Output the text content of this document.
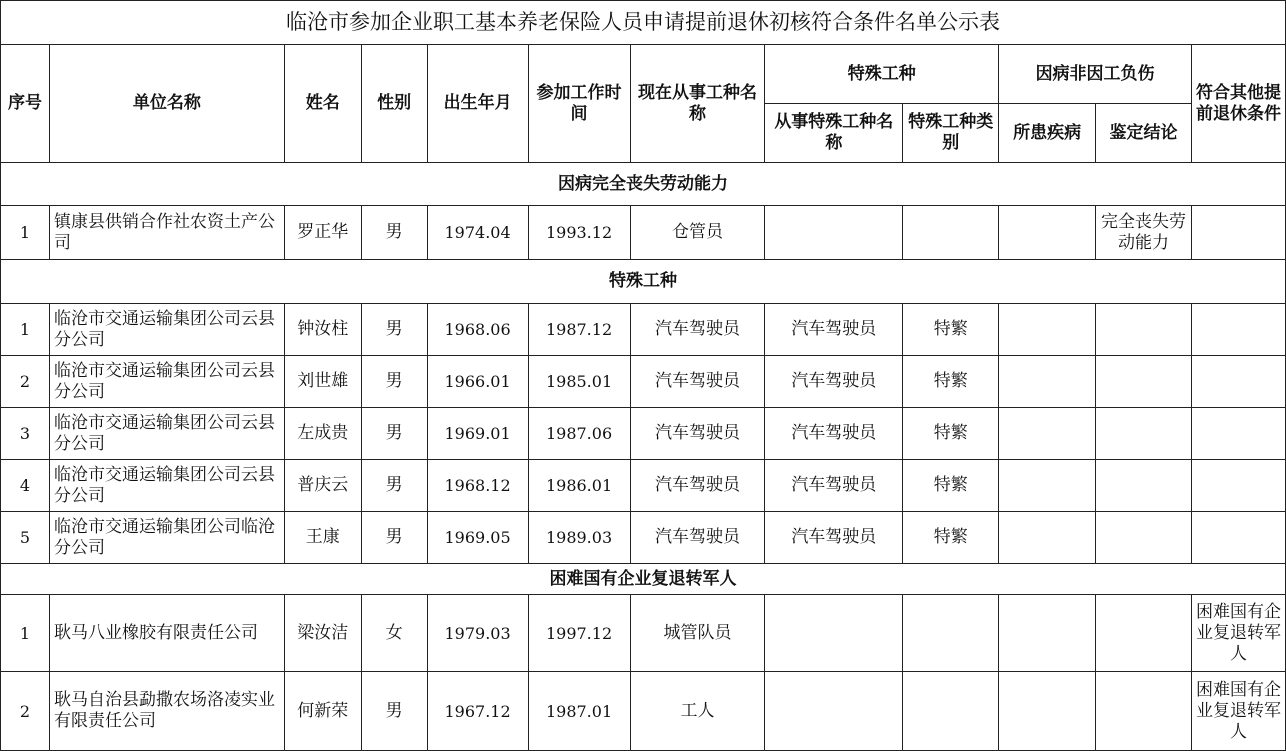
临沧市参加企业职工基本养老保险人员申请提前退休初核符合条件名单公示表											
序号	单位名称	姓名	性别	出生年月	参加工作时间	现在从事工种名称	特殊工种		因病非因工负伤		符合其他提前退休条件
							从事特殊工种名称	特殊工种类别	所患疾病	鉴定结论	
因病完全丧失劳动能力											
1	镇康县供销合作社农资土产公司	罗正华	男	1974.04	1993.12	仓管员				完全丧失劳动能力	
特殊工种											
1	临沧市交通运输集团公司云县分公司	钟汝柱	男	1968.06	1987.12	汽车驾驶员	汽车驾驶员	特繁			
2	临沧市交通运输集团公司云县分公司	刘世雄	男	1966.01	1985.01	汽车驾驶员	汽车驾驶员	特繁			
3	临沧市交通运输集团公司云县分公司	左成贵	男	1969.01	1987.06	汽车驾驶员	汽车驾驶员	特繁			
4	临沧市交通运输集团公司云县分公司	普庆云	男	1968.12	1986.01	汽车驾驶员	汽车驾驶员	特繁			
5	临沧市交通运输集团公司临沧分公司	王康	男	1969.05	1989.03	汽车驾驶员	汽车驾驶员	特繁			
困难国有企业复退转军人											
1	耿马八业橡胶有限责任公司	梁汝洁	女	1979.03	1997.12	城管队员					困难国有企业复退转军人
2	耿马自治县勐撒农场洛凌实业有限责任公司	何新荣	男	1967.12	1987.01	工人					困难国有企业复退转军人
